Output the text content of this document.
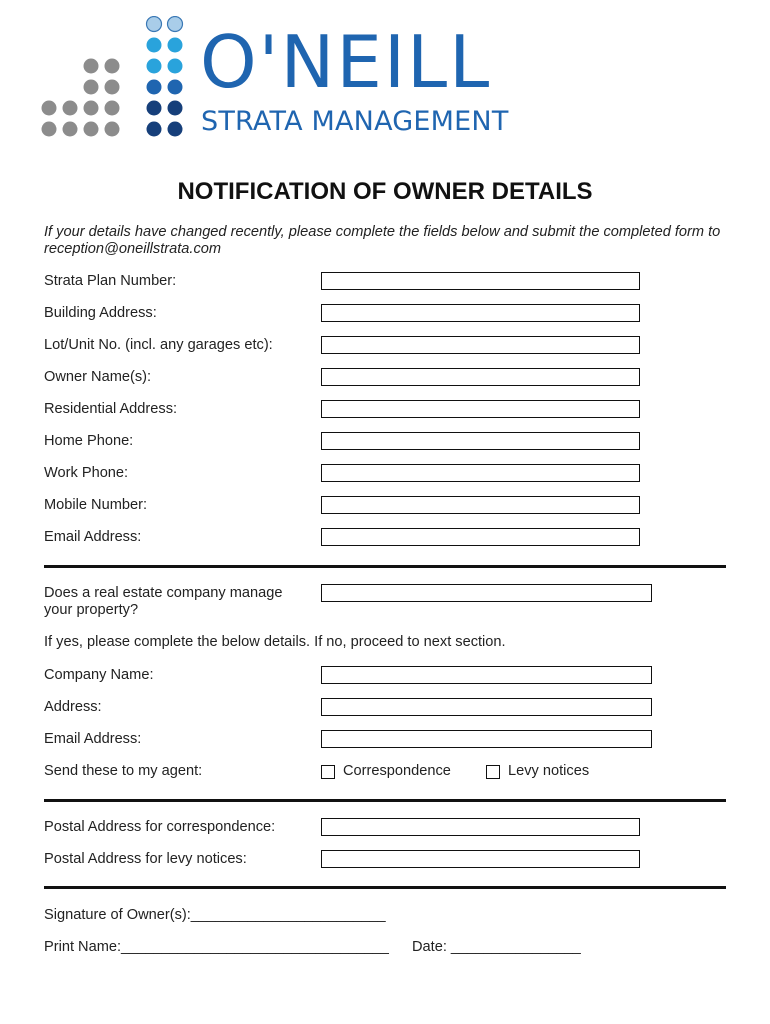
O'NEILL
STRATA MANAGEMENT
NOTIFICATION OF OWNER DETAILS
If your details have changed recently, please complete the fields below and submit the completed form to reception@oneillstrata.com
Strata Plan Number:
Building Address:
Lot/Unit No. (incl. any garages etc):
Owner Name(s):
Residential Address:
Home Phone:
Work Phone:
Mobile Number:
Email Address:
Does a real estate company manage your property?
If yes, please complete the below details. If no, proceed to next section.
Company Name:
Address:
Email Address:
Send these to my agent:	Correspondence	Levy notices
Postal Address for correspondence:
Postal Address for levy notices:
Signature of Owner(s):________________________
Print Name:_________________________________ Date: ________________
